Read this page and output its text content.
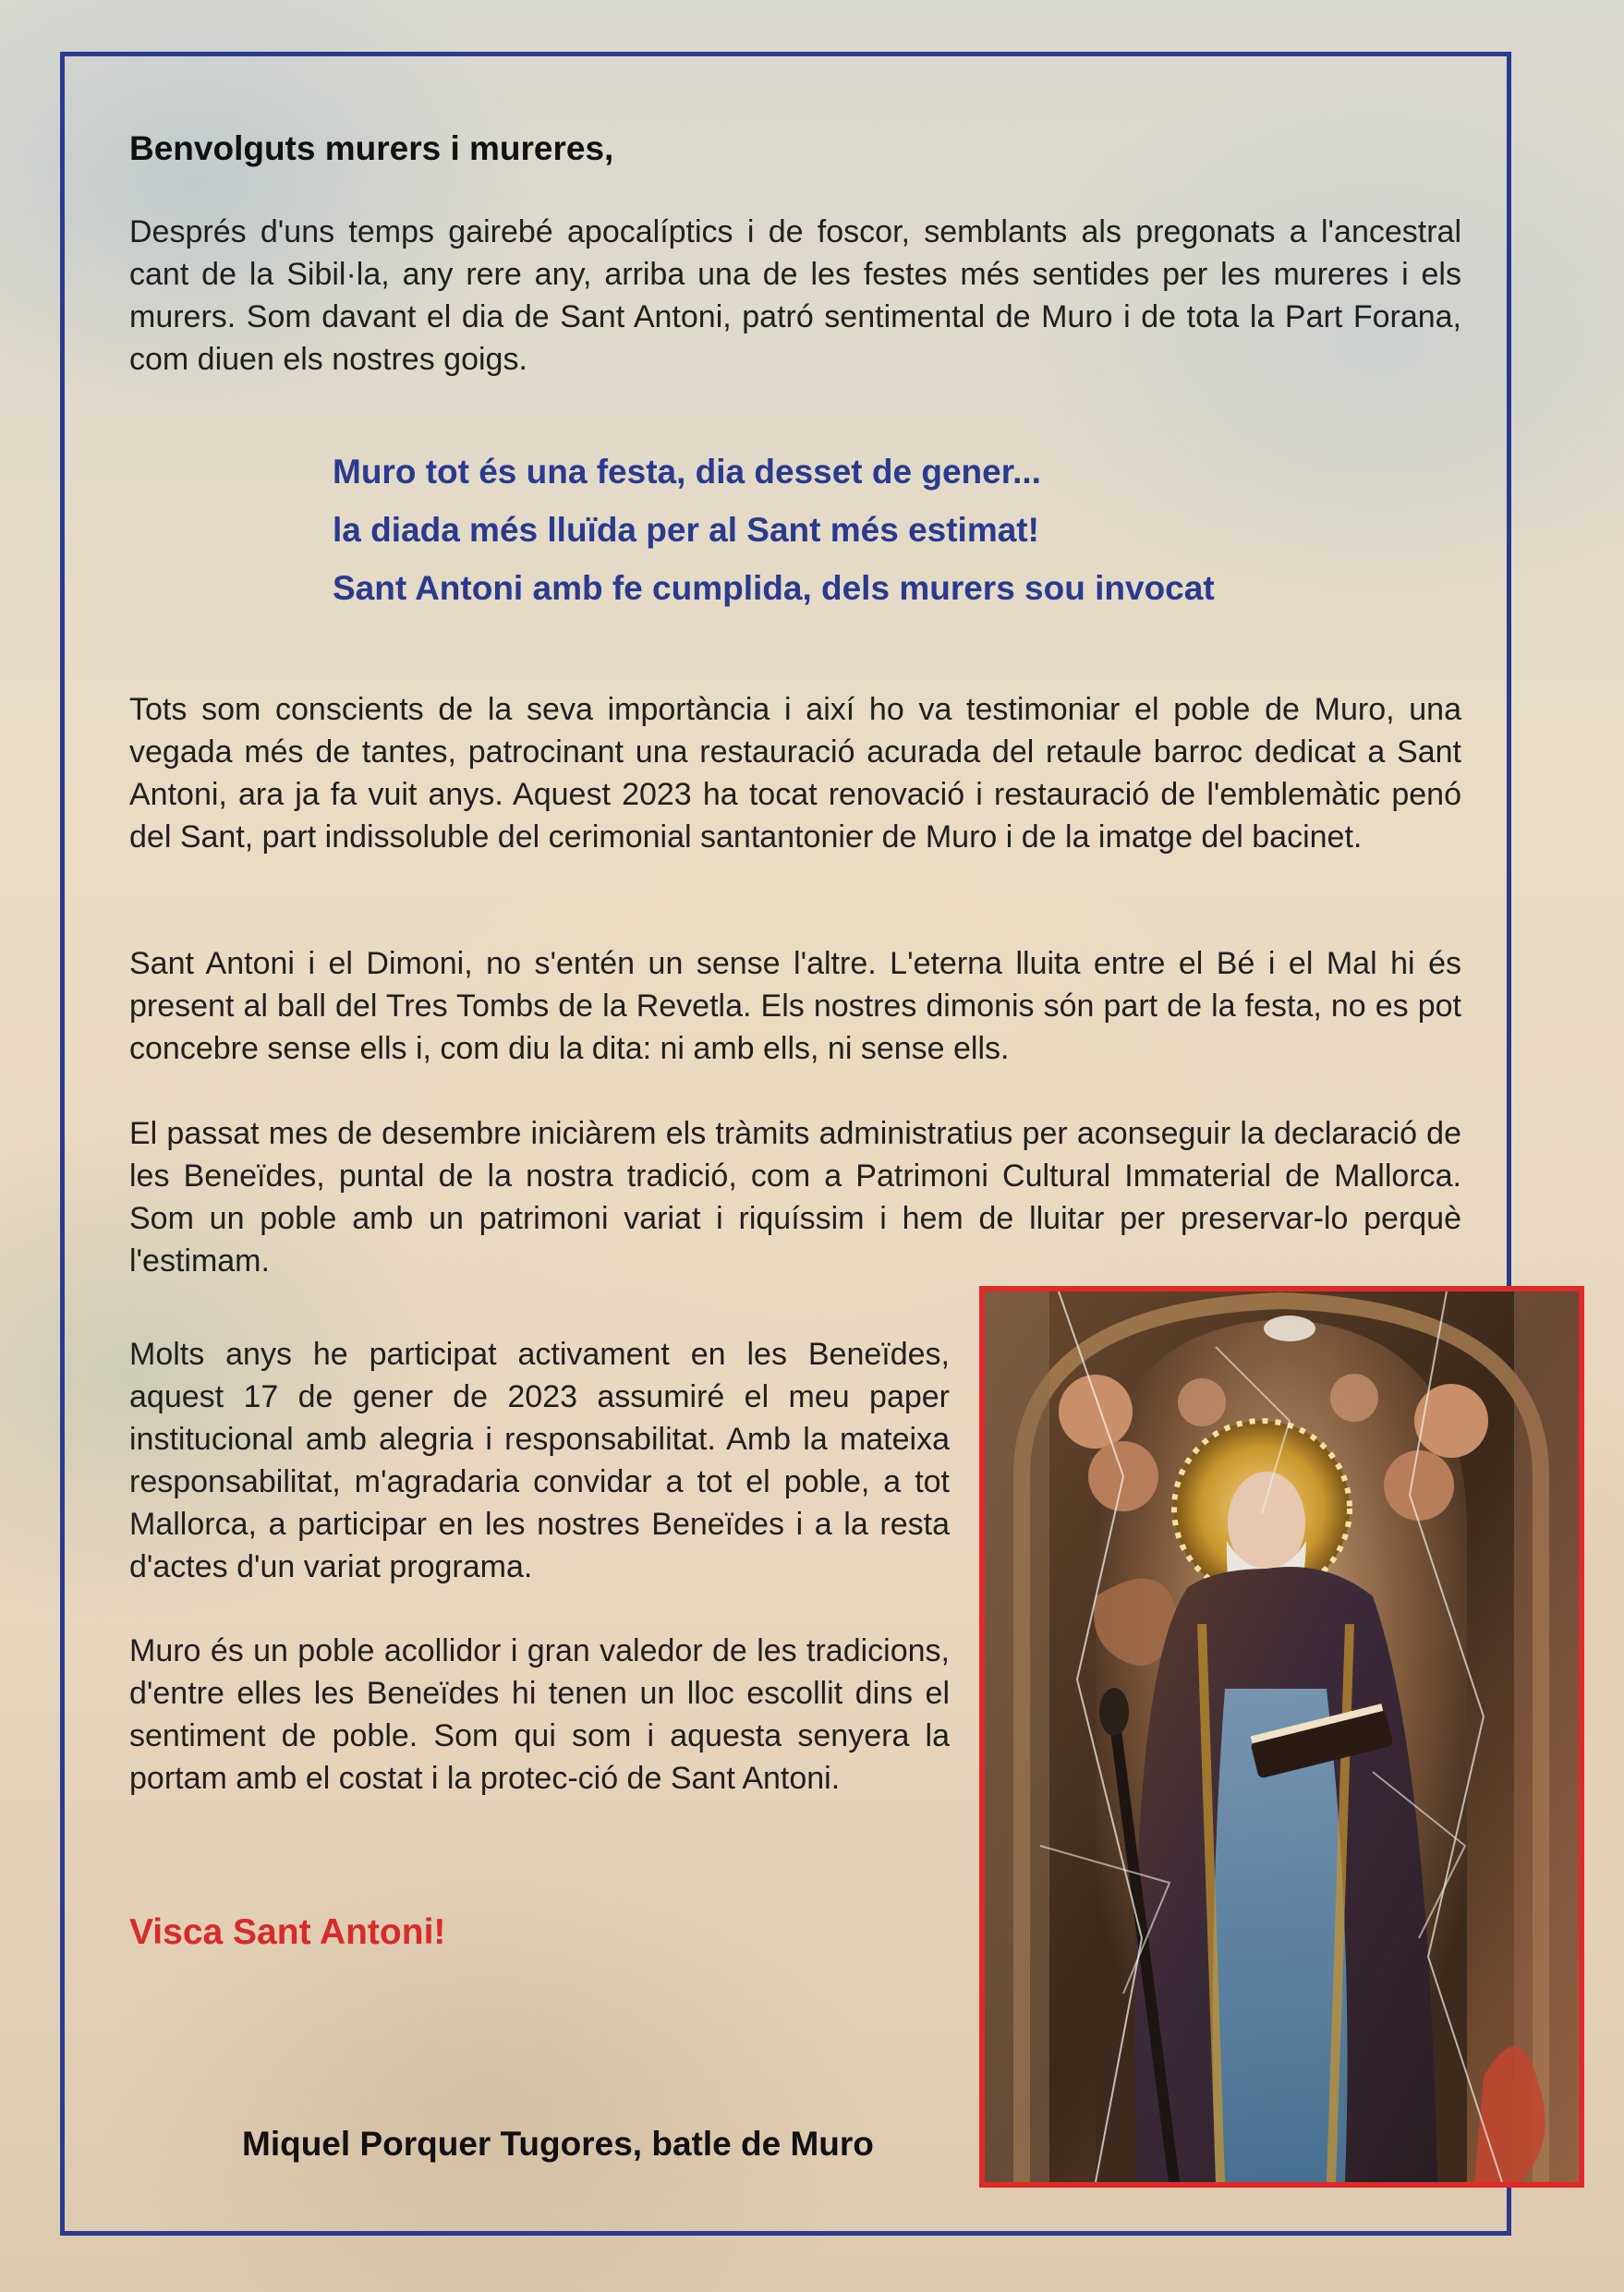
Benvolguts murers i mureres,

Després d'uns temps gairebé apocalíptics i de foscor, semblants als pregonats a l'ancestral cant de la Sibil·la, any rere any, arriba una de les festes més sentides per les mureres i els murers. Som davant el dia de Sant Antoni, patró sentimental de Muro i de tota la Part Forana, com diuen els nostres goigs.

Muro tot és una festa, dia desset de gener...

la diada més lluïda per al Sant més estimat!

Sant Antoni amb fe cumplida, dels murers sou invocat

Tots som conscients de la seva importància i així ho va testimoniar el poble de Muro, una vegada més de tantes, patrocinant una restauració acurada del retaule barroc dedicat a Sant Antoni, ara ja fa vuit anys. Aquest 2023 ha tocat renovació i restauració de l'emblemàtic penó del Sant, part indissoluble del cerimonial santantonier de Muro i de la imatge del bacinet.

Sant Antoni i el Dimoni, no s'entén un sense l'altre. L'eterna lluita entre el Bé i el Mal hi és present al ball del Tres Tombs de la Revetla. Els nostres dimonis són part de la festa, no es pot concebre sense ells i, com diu la dita: ni amb ells, ni sense ells.

El passat mes de desembre iniciàrem els tràmits administratius per aconseguir la declaració de les Beneïdes, puntal de la nostra tradició, com a Patrimoni Cultural Immaterial de Mallorca. Som un poble amb un patrimoni variat i riquíssim i hem de lluitar per preservar-lo perquè l'estimam.

Molts anys he participat activament en les Beneïdes, aquest 17 de gener de 2023 assumiré el meu paper institucional amb alegria i responsabilitat. Amb la mateixa responsabilitat, m'agradaria convidar a tot el poble, a tot Mallorca, a participar en les nostres Beneïdes i a la resta d'actes d'un variat programa.

Muro és un poble acollidor i gran valedor de les tradicions, d'entre elles les Beneïdes hi tenen un lloc escollit dins el sentiment de poble. Som qui som i aquesta senyera la portam amb el costat i la protec-ció de Sant Antoni.

Visca Sant Antoni!

Miquel Porquer Tugores, batle de Muro
